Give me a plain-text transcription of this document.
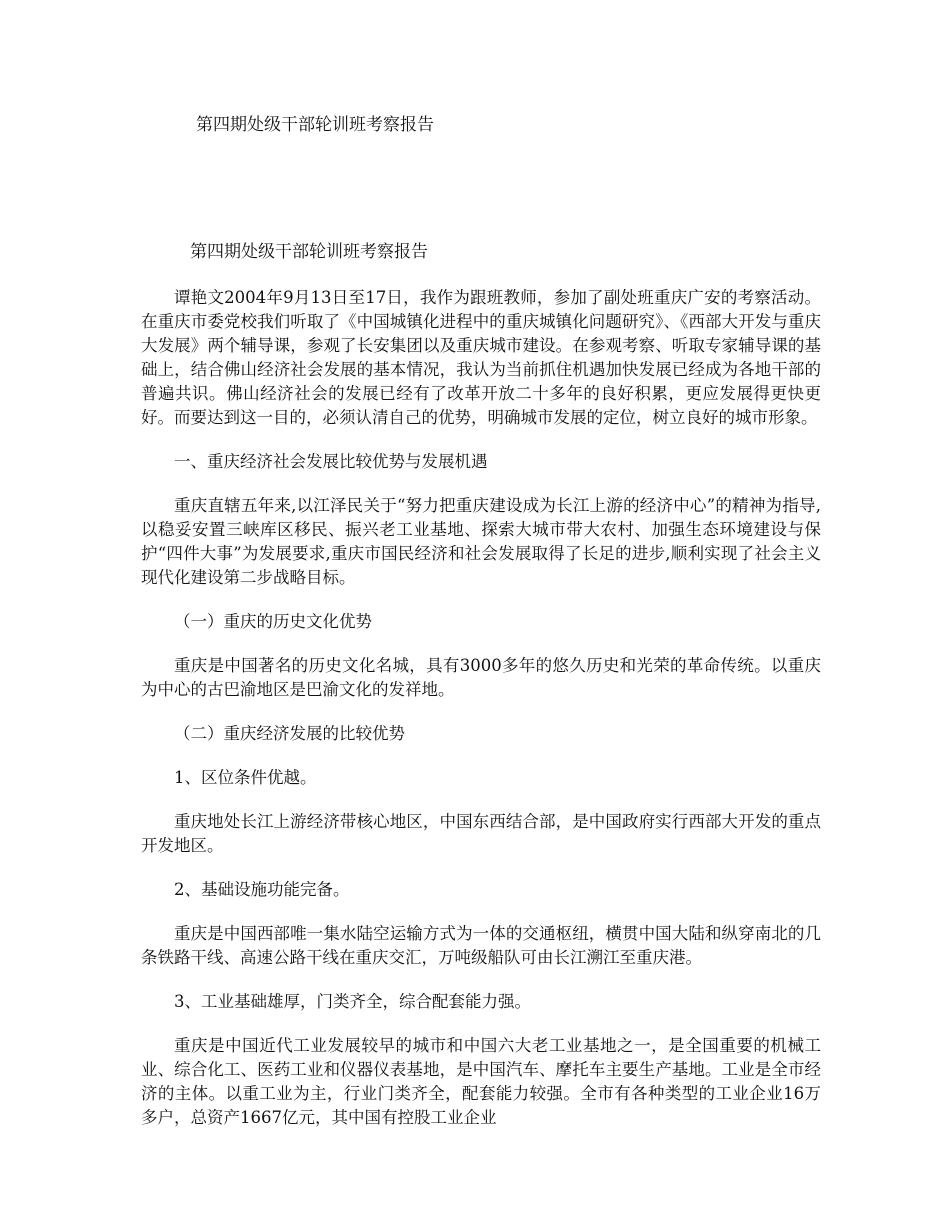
第四期处级干部轮训班考察报告
第四期处级干部轮训班考察报告

谭艳文2004年9月13日至17日，我作为跟班教师，参加了副处班重庆广安的考察活动。在重庆市委党校我们听取了《中国城镇化进程中的重庆城镇化问题研究》、《西部大开发与重庆大发展》两个辅导课，参观了长安集团以及重庆城市建设。在参观考察、听取专家辅导课的基础上，结合佛山经济社会发展的基本情况，我认为当前抓住机遇加快发展已经成为各地干部的普遍共识。佛山经济社会的发展已经有了改革开放二十多年的良好积累，更应发展得更快更好。而要达到这一目的，必须认清自己的优势，明确城市发展的定位，树立良好的城市形象。

一、重庆经济社会发展比较优势与发展机遇

重庆直辖五年来,以江泽民关于“努力把重庆建设成为长江上游的经济中心”的精神为指导,以稳妥安置三峡库区移民、振兴老工业基地、探索大城市带大农村、加强生态环境建设与保护“四件大事”为发展要求,重庆市国民经济和社会发展取得了长足的进步,顺利实现了社会主义现代化建设第二步战略目标。

（一）重庆的历史文化优势

重庆是中国著名的历史文化名城，具有3000多年的悠久历史和光荣的革命传统。以重庆为中心的古巴渝地区是巴渝文化的发祥地。

（二）重庆经济发展的比较优势
1、区位条件优越。

重庆地处长江上游经济带核心地区，中国东西结合部，是中国政府实行西部大开发的重点开发地区。

2、基础设施功能完备。

重庆是中国西部唯一集水陆空运输方式为一体的交通枢纽，横贯中国大陆和纵穿南北的几条铁路干线、高速公路干线在重庆交汇，万吨级船队可由长江溯江至重庆港。

3、工业基础雄厚，门类齐全，综合配套能力强。

重庆是中国近代工业发展较早的城市和中国六大老工业基地之一，是全国重要的机械工业、综合化工、医药工业和仪器仪表基地，是中国汽车、摩托车主要生产基地。工业是全市经济的主体。以重工业为主，行业门类齐全，配套能力较强。全市有各种类型的工业企业16万多户，总资产1667亿元，其中国有控股工业企业
